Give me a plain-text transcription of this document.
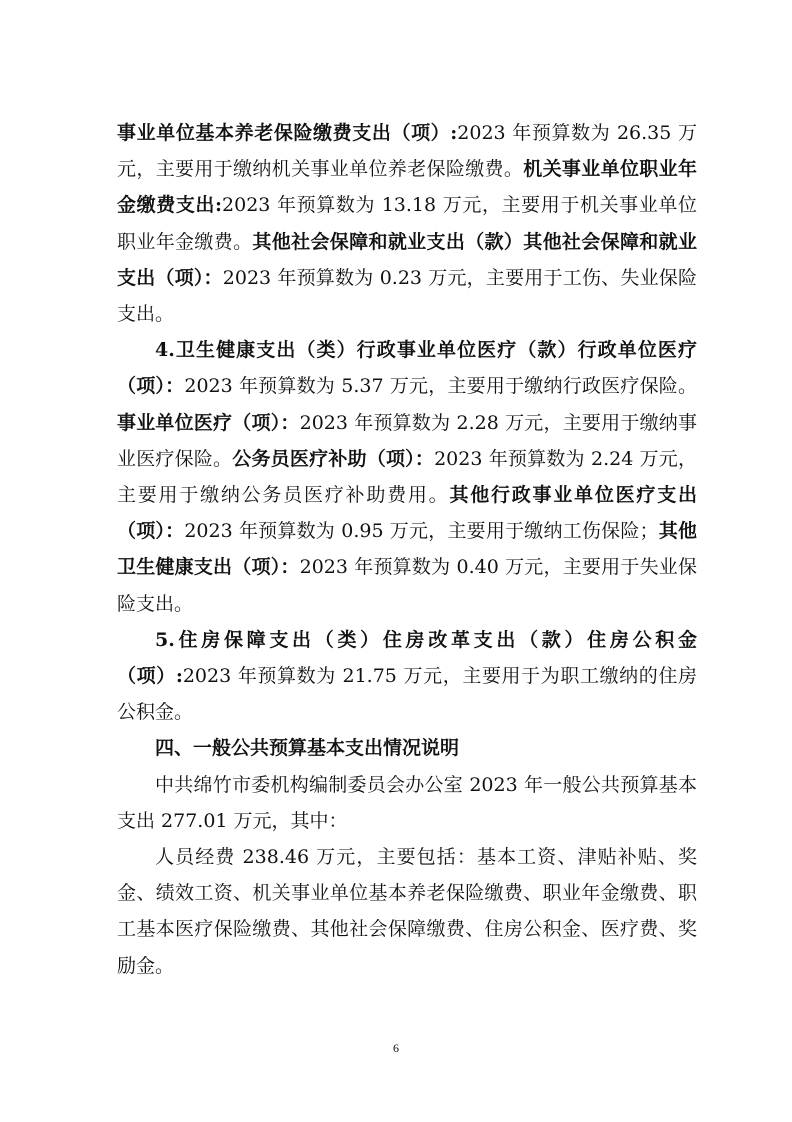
事业单位基本养老保险缴费支出（项）:2023 年预算数为 26.35 万元，主要用于缴纳机关事业单位养老保险缴费。机关事业单位职业年金缴费支出:2023 年预算数为 13.18 万元，主要用于机关事业单位职业年金缴费。其他社会保障和就业支出（款）其他社会保障和就业支出（项）：2023 年预算数为 0.23 万元，主要用于工伤、失业保险支出。

4.卫生健康支出（类）行政事业单位医疗（款）行政单位医疗（项）：2023 年预算数为 5.37 万元，主要用于缴纳行政医疗保险。事业单位医疗（项）：2023 年预算数为 2.28 万元，主要用于缴纳事业医疗保险。公务员医疗补助（项）：2023 年预算数为 2.24 万元，主要用于缴纳公务员医疗补助费用。其他行政事业单位医疗支出（项）：2023 年预算数为 0.95 万元，主要用于缴纳工伤保险；其他卫生健康支出（项）：2023 年预算数为 0.40 万元，主要用于失业保险支出。

5.住房保障支出（类）住房改革支出（款）住房公积金（项）:2023 年预算数为 21.75 万元，主要用于为职工缴纳的住房公积金。

四、一般公共预算基本支出情况说明

中共绵竹市委机构编制委员会办公室 2023 年一般公共预算基本支出 277.01 万元，其中：

人员经费 238.46 万元，主要包括：基本工资、津贴补贴、奖金、绩效工资、机关事业单位基本养老保险缴费、职业年金缴费、职工基本医疗保险缴费、其他社会保障缴费、住房公积金、医疗费、奖励金。

6
